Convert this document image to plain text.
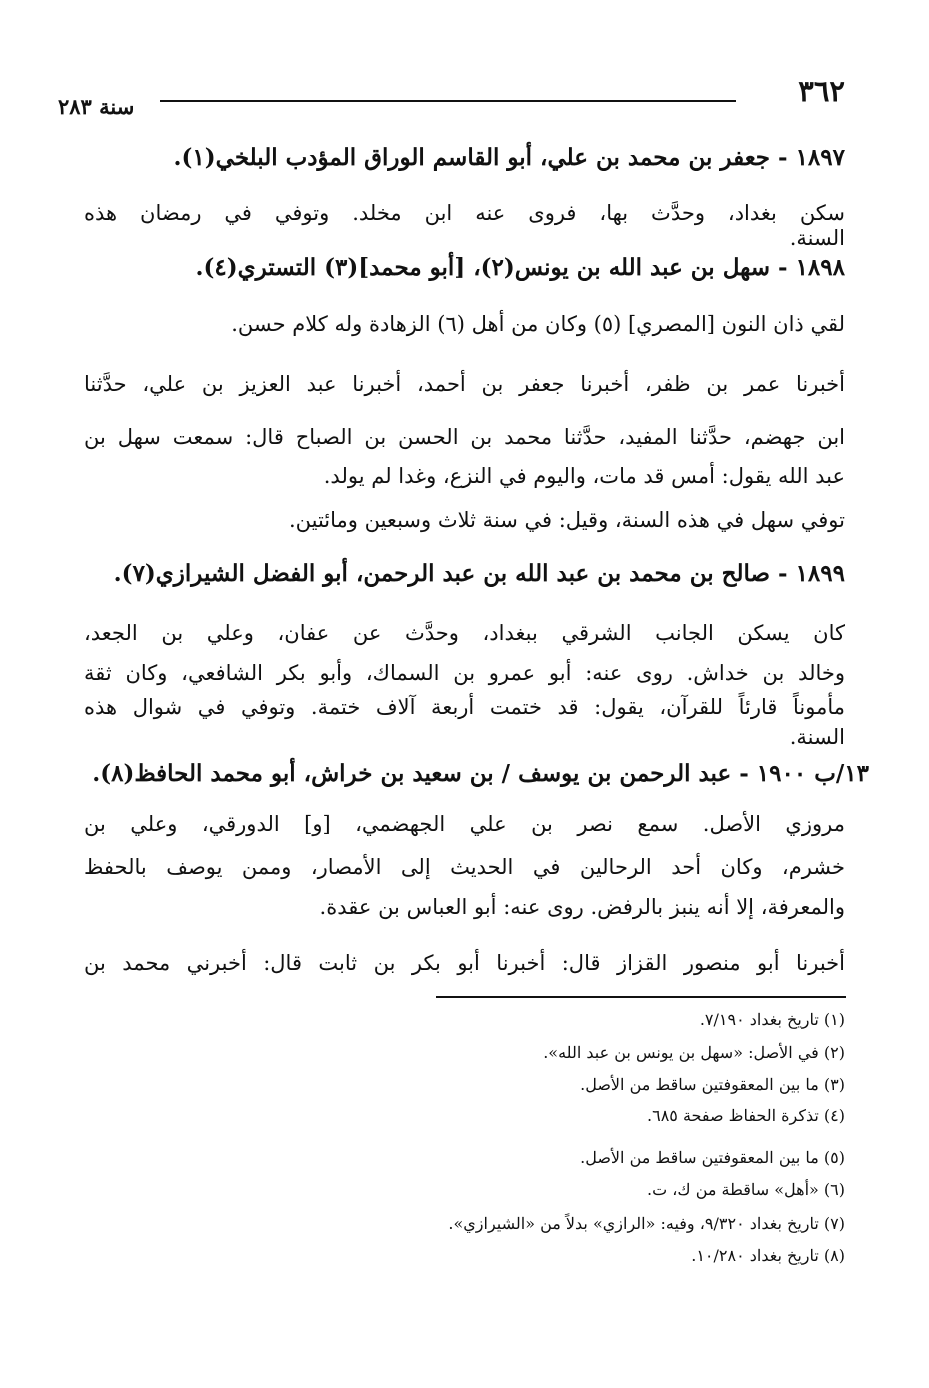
٣٦٢
سنة ٢٨٣
١٨٩٧ - جعفر بن محمد بن علي، أبو القاسم الوراق المؤدب البلخي(١).
سكن بغداد، وحدَّث بها، فروى عنه ابن مخلد. وتوفي في رمضان هذه
السنة.
١٨٩٨ - سهل بن عبد الله بن يونس(٢)، [أبو محمد](٣) التستري(٤).
لقي ذان النون [المصري] (٥) وكان من أهل (٦) الزهادة وله كلام حسن.
أخبرنا عمر بن ظفر، أخبرنا جعفر بن أحمد، أخبرنا عبد العزيز بن علي، حدَّثنا
ابن جهضم، حدَّثنا المفيد، حدَّثنا محمد بن الحسن بن الصباح قال: سمعت سهل بن
عبد الله يقول: أمس قد مات، واليوم في النزع، وغدا لم يولد.
توفي سهل في هذه السنة، وقيل: في سنة ثلاث وسبعين ومائتين.
١٨٩٩ - صالح بن محمد بن عبد الله بن عبد الرحمن، أبو الفضل الشيرازي(٧).
كان يسكن الجانب الشرقي ببغداد، وحدَّث عن عفان، وعلي بن الجعد،
وخالد بن خداش. روى عنه: أبو عمرو بن السماك، وأبو بكر الشافعي، وكان ثقة
مأموناً قارئاً للقرآن، يقول: قد ختمت أربعة آلاف ختمة. وتوفي في شوال هذه
السنة.
١٣/ب ١٩٠٠ - عبد الرحمن بن يوسف / بن سعيد بن خراش، أبو محمد الحافظ(٨).
مروزي الأصل. سمع نصر بن علي الجهضمي، [و] الدورقي، وعلي بن
خشرم، وكان أحد الرحالين في الحديث إلى الأمصار، وممن يوصف بالحفظ
والمعرفة، إلا أنه ينبز بالرفض. روى عنه: أبو العباس بن عقدة.
أخبرنا أبو منصور القزاز قال: أخبرنا أبو بكر بن ثابت قال: أخبرني محمد بن
(١) تاريخ بغداد ٧/١٩٠.
(٢) في الأصل: «سهل بن يونس بن عبد الله».
(٣) ما بين المعقوفتين ساقط من الأصل.
(٤) تذكرة الحفاظ صفحة ٦٨٥.
(٥) ما بين المعقوفتين ساقط من الأصل.
(٦) «أهل» ساقطة من ك، ت.
(٧) تاريخ بغداد ٩/٣٢٠، وفيه: «الرازي» بدلاً من «الشيرازي».
(٨) تاريخ بغداد ١٠/٢٨٠.
